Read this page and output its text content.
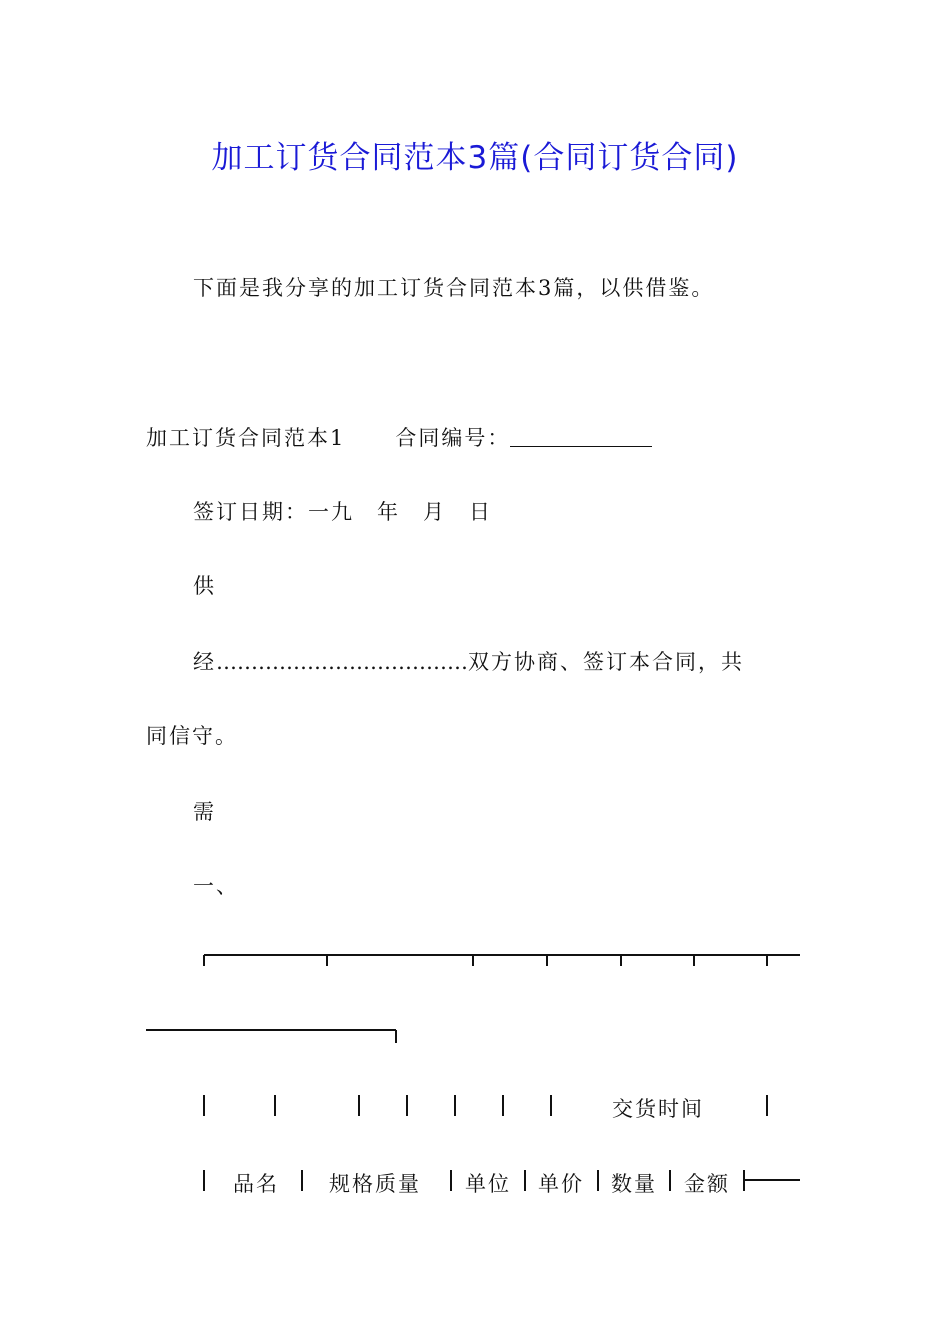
加工订货合同范本3篇(合同订货合同)
下面是我分享的加工订货合同范本3篇，以供借鉴。
加工订货合同范本1 合同编号：
签订日期：一九　年　月　日
供
经………………………………双方协商、签订本合同，共
同信守。
需
一、
交货时间
品名 规格质量 单位 单价 数量 金额
